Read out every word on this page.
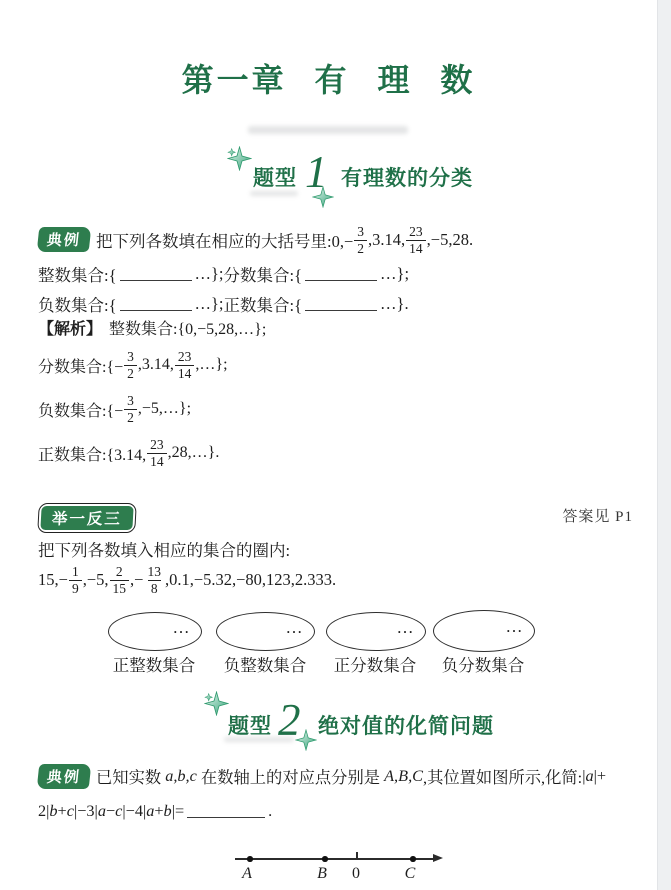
第一章 有 理 数
题型 1 有理数的分类
典例 把下列各数填在相应的大括号里:0,− $\frac{3}{2} ,3.14$, $\frac{23}{14} ,-5,28$.
整数集合:{	…}; 分数集合:{	…};
负数集合:{	…}; 正数集合:{	…}.
【解析】 整数集合:{0,−5,28,…};
分数集合:{− $\frac{3}{2} ,3.14$, $\frac{23}{14}$ ,…};
负数集合:{− $\frac{3}{2}$ ,−5,…};
正数集合:{3.14, $\frac{23}{14}$ ,28,…}.
举一反三	答案见 P1
把下列各数填入相应的集合的圈内:
$15,- \frac{1}{9} ,-5$, $\frac{2}{15}$ ,− $\frac{13}{8} ,0.1,-5.32,-80,123,2.333$.
…	…	…	…
正整数集合	负整数集合	正分数集合	负分数集合
题型 2 绝对值的化简问题
典例 已知实数 a,b,c 在数轴上的对应点分别是 A,B,C ,其位置如图所示,化简: | a |+
2| b + c |−3| a − c |−4| a + b |=	.
A	B	0	C
